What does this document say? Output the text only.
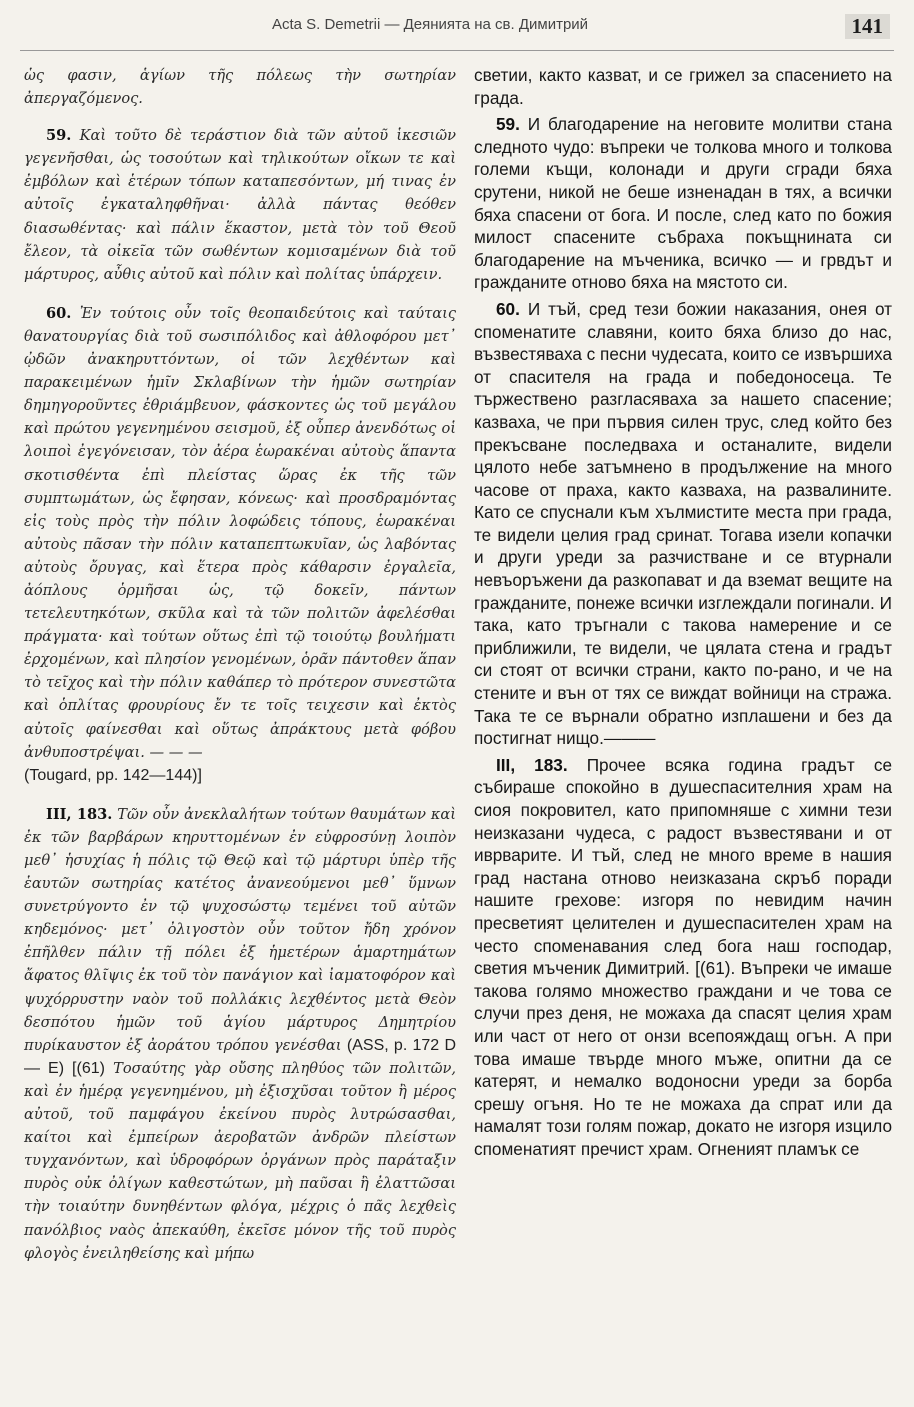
Acta S. Demetrii — Деянията на св. Димитрий	141

ὡς φασιν, ἁγίων τῆς πόλεως τὴν σωτηρίαν ἀπεργαζόμενος.

59. Καὶ τοῦτο δὲ τεράστιον διὰ τῶν αὐτοῦ ἱκεσιῶν γεγενῆσθαι, ὡς τοσούτων καὶ τηλικούτων οἴκων τε καὶ ἐμβόλων καὶ ἑτέρων τόπων καταπεσόντων, μή τινας ἐν αὐτοῖς ἐγκαταληφθῆναι· ἀλλὰ πάντας θεόθεν διασωθέντας· καὶ πάλιν ἕκαστον, μετὰ τὸν τοῦ Θεοῦ ἔλεον, τὰ οἰκεῖα τῶν σωθέντων κομισαμένων διὰ τοῦ μάρτυρος, αὖθις αὐτοῦ καὶ πόλιν καὶ πολίτας ὑπάρχειν.

60. Ἐν τούτοις οὖν τοῖς θεοπαιδεύτοις καὶ ταύταις θανατουργίας διὰ τοῦ σωσιπόλιδος καὶ ἀθλοφόρου μετ᾽ ᾠδῶν ἀνακηρυττόντων, οἱ τῶν λεχθέντων καὶ παρακειμένων ἡμῖν Σκλαβίνων τὴν ἡμῶν σωτηρίαν δημηγοροῦντες ἐθριάμβευον, φάσκοντες ὡς τοῦ μεγάλου καὶ πρώτου γεγενημένου σεισμοῦ, ἐξ οὗπερ ἀνενδότως οἱ λοιποὶ ἐγεγόνεισαν, τὸν ἀέρα ἑωρακέναι αὐτοὺς ἅπαντα σκοτισθέντα ἐπὶ πλείστας ὥρας ἐκ τῆς τῶν συμπτωμάτων, ὡς ἔφησαν, κόνεως· καὶ προσδραμόντας εἰς τοὺς πρὸς τὴν πόλιν λοφώδεις τόπους, ἑωρακέναι αὐτοὺς πᾶσαν τὴν πόλιν καταπεπτωκυῖαν, ὡς λαβόντας αὐτοὺς ὄρυγας, καὶ ἕτερα πρὸς κάθαρσιν ἐργαλεῖα, ἀόπλους ὁρμῆσαι ὡς, τῷ δοκεῖν, πάντων τετελευτηκότων, σκῦλα καὶ τὰ τῶν πολιτῶν ἀφελέσθαι πράγματα· καὶ τούτων οὕτως ἐπὶ τῷ τοιούτῳ βουλήματι ἐρχομένων, καὶ πλησίον γενομένων, ὁρᾶν πάντοθεν ἅπαν τὸ τεῖχος καὶ τὴν πόλιν καθάπερ τὸ πρότερον συνεστῶτα καὶ ὁπλίτας φρουρίους ἔν τε τοῖς τειχεσιν καὶ ἐκτὸς αὐτοῖς φαίνεσθαι καὶ οὕτως ἀπράκτους μετὰ φόβου ἀνθυποστρέψαι. — — —
(Tougard, pp. 142—144)]

III, 183. Τῶν οὖν ἀνεκλαλήτων τούτων θαυμάτων καὶ ἐκ τῶν βαρβάρων κηρυττομένων ἐν εὐφροσύνῃ λοιπὸν μεθ᾽ ἡσυχίας ἡ πόλις τῷ Θεῷ καὶ τῷ μάρτυρι ὑπὲρ τῆς ἑαυτῶν σωτηρίας κατέτος ἀνανεούμενοι μεθ᾽ ὕμνων συνετρύγοντο ἐν τῷ ψυχοσώστῳ τεμένει τοῦ αὐτῶν κηδεμόνος· μετ᾽ ὀλιγοστὸν οὖν τοῦτον ἤδη χρόνον ἐπῆλθεν πάλιν τῇ πόλει ἐξ ἡμετέρων ἁμαρτημάτων ἄφατος θλῖψις ἐκ τοῦ τὸν πανάγιον καὶ ἰαματοφόρον καὶ ψυχόρρυστην ναὸν τοῦ πολλάκις λεχθέντος μετὰ Θεὸν δεσπότου ἡμῶν τοῦ ἁγίου μάρτυρος Δημητρίου πυρίκαυστον ἐξ ἀοράτου τρόπου γενέσθαι (ASS, p. 172 D — E) [(61) Τοσαύτης γὰρ οὔσης πληθύος τῶν πολιτῶν, καὶ ἐν ἡμέρᾳ γεγενημένου, μὴ ἐξισχῦσαι τοῦτον ἢ μέρος αὐτοῦ, τοῦ παμφάγου ἐκείνου πυρὸς λυτρώσασθαι, καίτοι καὶ ἐμπείρων ἀεροβατῶν ἀνδρῶν πλείστων τυγχανόντων, καὶ ὑδροφόρων ὀργάνων πρὸς παράταξιν πυρὸς οὐκ ὀλίγων καθεστώτων, μὴ παῦσαι ἢ ἐλαττῶσαι τὴν τοιαύτην δυνηθέντων φλόγα, μέχρις ὁ πᾶς λεχθεὶς πανόλβιος ναὸς ἀπεκαύθη, ἐκεῖσε μόνον τῆς τοῦ πυρὸς φλογὸς ἐνειληθείσης καὶ μήπω

светии, както казват, и се грижел за спасението на града.

59. И благодарение на неговите молитви стана следното чудо: въпреки че толкова много и толкова големи къщи, колонади и други сгради бяха срутени, никой не беше изненадан в тях, а всички бяха спасени от бога. И после, след като по божия милост спасените събраха покъщнината си благодарение на мъченика, всичко — и грвдът и гражданите отново бяха на мястото си.

60. И тъй, сред тези божии наказания, онея от споменатите славяни, които бяха близо до нас, възвестяваха с песни чудесата, които се извършиха от спасителя на града и победоносеца. Те тържествено разгласяваха за нашето спасение; казваха, че при първия силен трус, след който без прекъсване последваха и останалите, видели цялото небе затъмнено в продължение на много часове от праха, както казваха, на развалините. Като се спуснали към хълмистите места при града, те видели целия град сринат. Тогава изели копачки и други уреди за разчистване и се втурнали невъоръжени да разкопават и да вземат вещите на гражданите, понеже всички изглеждали погинали. И така, като тръгнали с такова намерение и се приближили, те видели, че цялата стена и градът си стоят от всички страни, както по-рано, и че на стените и вън от тях се виждат войници на стража. Така те се върнали обратно изплашени и без да постигнат нищо.———

III, 183. Прочее всяка година градът се събираше спокойно в душеспасителния храм на сиоя покровител, като припомняше с химни тези неизказани чудеса, с радост възвестявани и от иврварите. И тъй, след не много време в нашия град настана отново неизказана скръб поради нашите грехове: изгоря по невидим начин пресветият целителен и душеспасителен храм на често споменавания след бога наш господар, светия мъченик Димитрий. [(61). Въпреки че имаше такова голямо множество граждани и че това се случи през деня, не можаха да спасят целия храм или част от него от онзи всепояждащ огън. А при това имаше твърде много мъже, опитни да се катерят, и немалко водоносни уреди за борба срешу огъня. Но те не можаха да спрат или да намалят този голям пожар, докато не изгоря изцило споменатият пречист храм. Огненият пламък се
